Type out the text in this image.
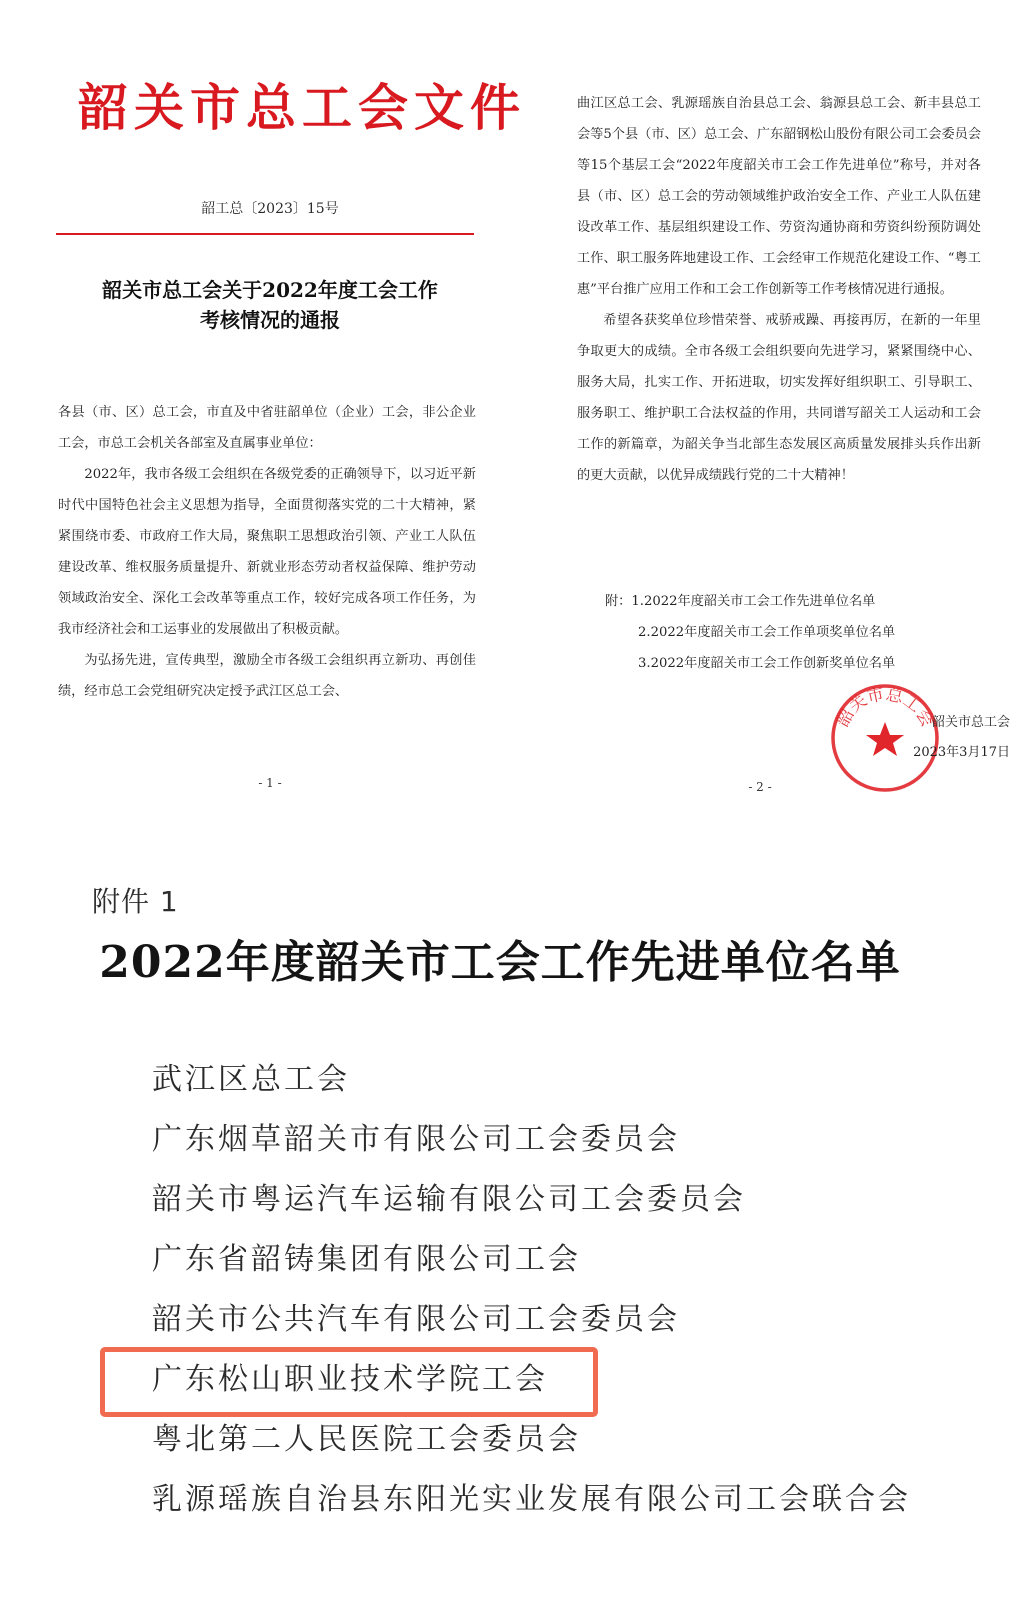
韶关市总工会文件
韶工总〔2023〕15号
韶关市总工会关于2022年度工会工作
考核情况的通报

各县（市、区）总工会，市直及中省驻韶单位（企业）工会，非公企业工会，市总工会机关各部室及直属事业单位：

2022年，我市各级工会组织在各级党委的正确领导下，以习近平新时代中国特色社会主义思想为指导，全面贯彻落实党的二十大精神，紧紧围绕市委、市政府工作大局，聚焦职工思想政治引领、产业工人队伍建设改革、维权服务质量提升、新就业形态劳动者权益保障、维护劳动领域政治安全、深化工会改革等重点工作，较好完成各项工作任务，为我市经济社会和工运事业的发展做出了积极贡献。

为弘扬先进，宣传典型，激励全市各级工会组织再立新功、再创佳绩，经市总工会党组研究决定授予武江区总工会、

- 1 -

曲江区总工会、乳源瑶族自治县总工会、翁源县总工会、新丰县总工会等5个县（市、区）总工会、广东韶钢松山股份有限公司工会委员会等15个基层工会“2022年度韶关市工会工作先进单位”称号，并对各县（市、区）总工会的劳动领域维护政治安全工作、产业工人队伍建设改革工作、基层组织建设工作、劳资沟通协商和劳资纠纷预防调处工作、职工服务阵地建设工作、工会经审工作规范化建设工作、“粤工惠”平台推广应用工作和工会工作创新等工作考核情况进行通报。

希望各获奖单位珍惜荣誉、戒骄戒躁、再接再厉，在新的一年里争取更大的成绩。全市各级工会组织要向先进学习，紧紧围绕中心、服务大局，扎实工作、开拓进取，切实发挥好组织职工、引导职工、服务职工、维护职工合法权益的作用，共同谱写韶关工人运动和工会工作的新篇章，为韶关争当北部生态发展区高质量发展排头兵作出新的更大贡献，以优异成绩践行党的二十大精神！

附：1.2022年度韶关市工会工作先进单位名单
2.2022年度韶关市工会工作单项奖单位名单
3.2022年度韶关市工会工作创新奖单位名单
韶关市总工会
韶关市总工会
2023年3月17日
- 2 -
附件 1
2022年度韶关市工会工作先进单位名单
武江区总工会
广东烟草韶关市有限公司工会委员会
韶关市粤运汽车运输有限公司工会委员会
广东省韶铸集团有限公司工会
韶关市公共汽车有限公司工会委员会
广东松山职业技术学院工会
粤北第二人民医院工会委员会
乳源瑶族自治县东阳光实业发展有限公司工会联合会
